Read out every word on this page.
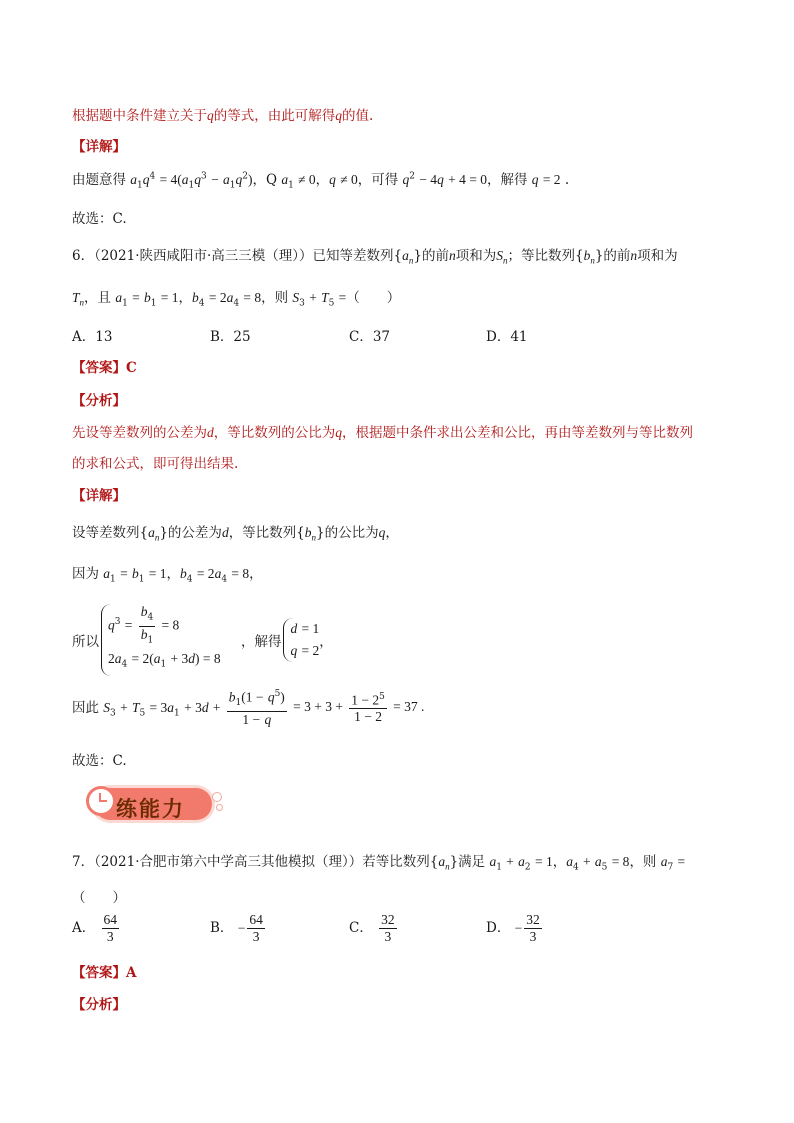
根据题中条件建立关于q的等式，由此可解得q的值.
【详解】
由题意得 $a_1q^4 = 4(a_1q^3 - a_1q^2)$，Q $a_1 \ne 0$，q ≠ 0，可得 $q^2 - 4q + 4 = 0$，解得 q = 2 .
故选：C.
6．（2021·陕西咸阳市·高三三模（理））已知等差数列$\{a_n\}$的前n项和为$S_n$；等比数列$\{b_n\}$的前n项和为
$T_n$，且 $a_1 = b_1 = 1$，$b_4 = 2a_4 = 8$，则 $S_3 + T_5$ =（　　）
A．13	B．25	C．37	D．41
【答案】C
【分析】
先设等差数列的公差为d，等比数列的公比为q，根据题中条件求出公差和公比，再由等差数列与等比数列
的求和公式，即可得出结果.
【详解】
设等差数列$\{a_n\}$的公差为d，等比数列$\{b_n\}$的公比为q，
因为 $a_1 = b_1 = 1$，$b_4 = 2a_4 = 8$，
所以
$q^3 = \frac{b_4}{b_1} = 8$
$2a_4 = 2(a_1 + 3d) = 8$
，解得
d = 1
q = 2
，
因此 $S_3 + T_5 = 3a_1 + 3d + \frac{b_1(1 - q^5)}{1 - q} = 3 + 3 + \frac{1 - 2^5}{1 - 2} = 37$ .
故选：C.
练能力
7．（2021·合肥市第六中学高三其他模拟（理））若等比数列$\{a_n\}$满足 $a_1 + a_2 = 1$，$a_4 + a_5 = 8$，则 $a_7$ =
（　　）
A． $\frac{64}{3}$	B． − $\frac{64}{3}$	C． $\frac{32}{3}$	D． − $\frac{32}{3}$
【答案】A
【分析】
